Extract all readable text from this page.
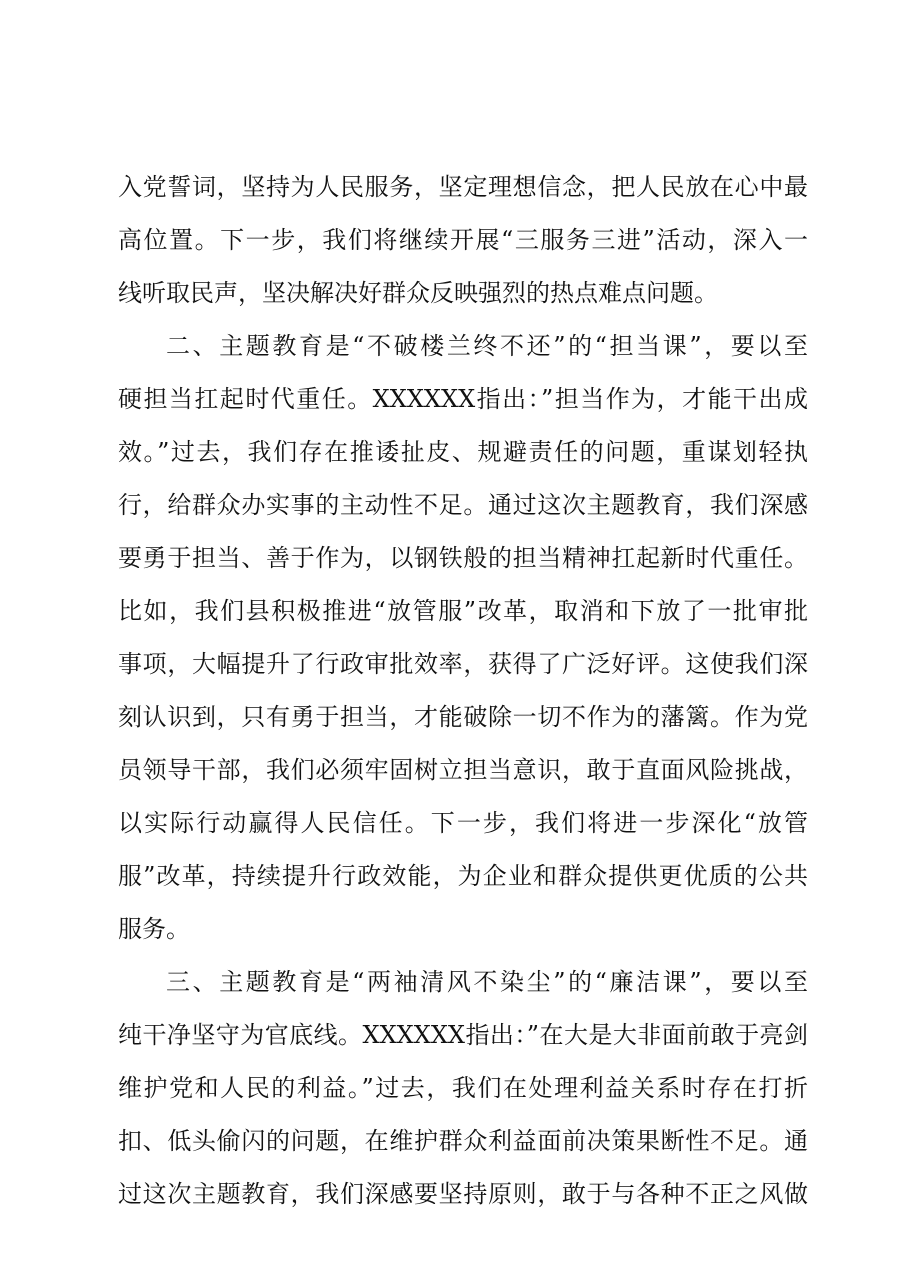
入党誓词，坚持为人民服务，坚定理想信念，把人民放在心中最

高位置。下一步，我们将继续开展“三服务三进”活动，深入一

线听取民声，坚决解决好群众反映强烈的热点难点问题。

二、主题教育是“不破楼兰终不还”的“担当课”，要以至

硬担当扛起时代重任。XXXXXX指出：”担当作为，才能干出成

效。”过去，我们存在推诿扯皮、规避责任的问题，重谋划轻执

行，给群众办实事的主动性不足。通过这次主题教育，我们深感

要勇于担当、善于作为，以钢铁般的担当精神扛起新时代重任。

比如，我们县积极推进“放管服”改革，取消和下放了一批审批

事项，大幅提升了行政审批效率，获得了广泛好评。这使我们深

刻认识到，只有勇于担当，才能破除一切不作为的藩篱。作为党

员领导干部，我们必须牢固树立担当意识，敢于直面风险挑战，

以实际行动赢得人民信任。下一步，我们将进一步深化“放管

服”改革，持续提升行政效能，为企业和群众提供更优质的公共

服务。

三、主题教育是“两袖清风不染尘”的“廉洁课”，要以至

纯干净坚守为官底线。XXXXXX指出：”在大是大非面前敢于亮剑

维护党和人民的利益。”过去，我们在处理利益关系时存在打折

扣、低头偷闪的问题，在维护群众利益面前决策果断性不足。通

过这次主题教育，我们深感要坚持原则，敢于与各种不正之风做
